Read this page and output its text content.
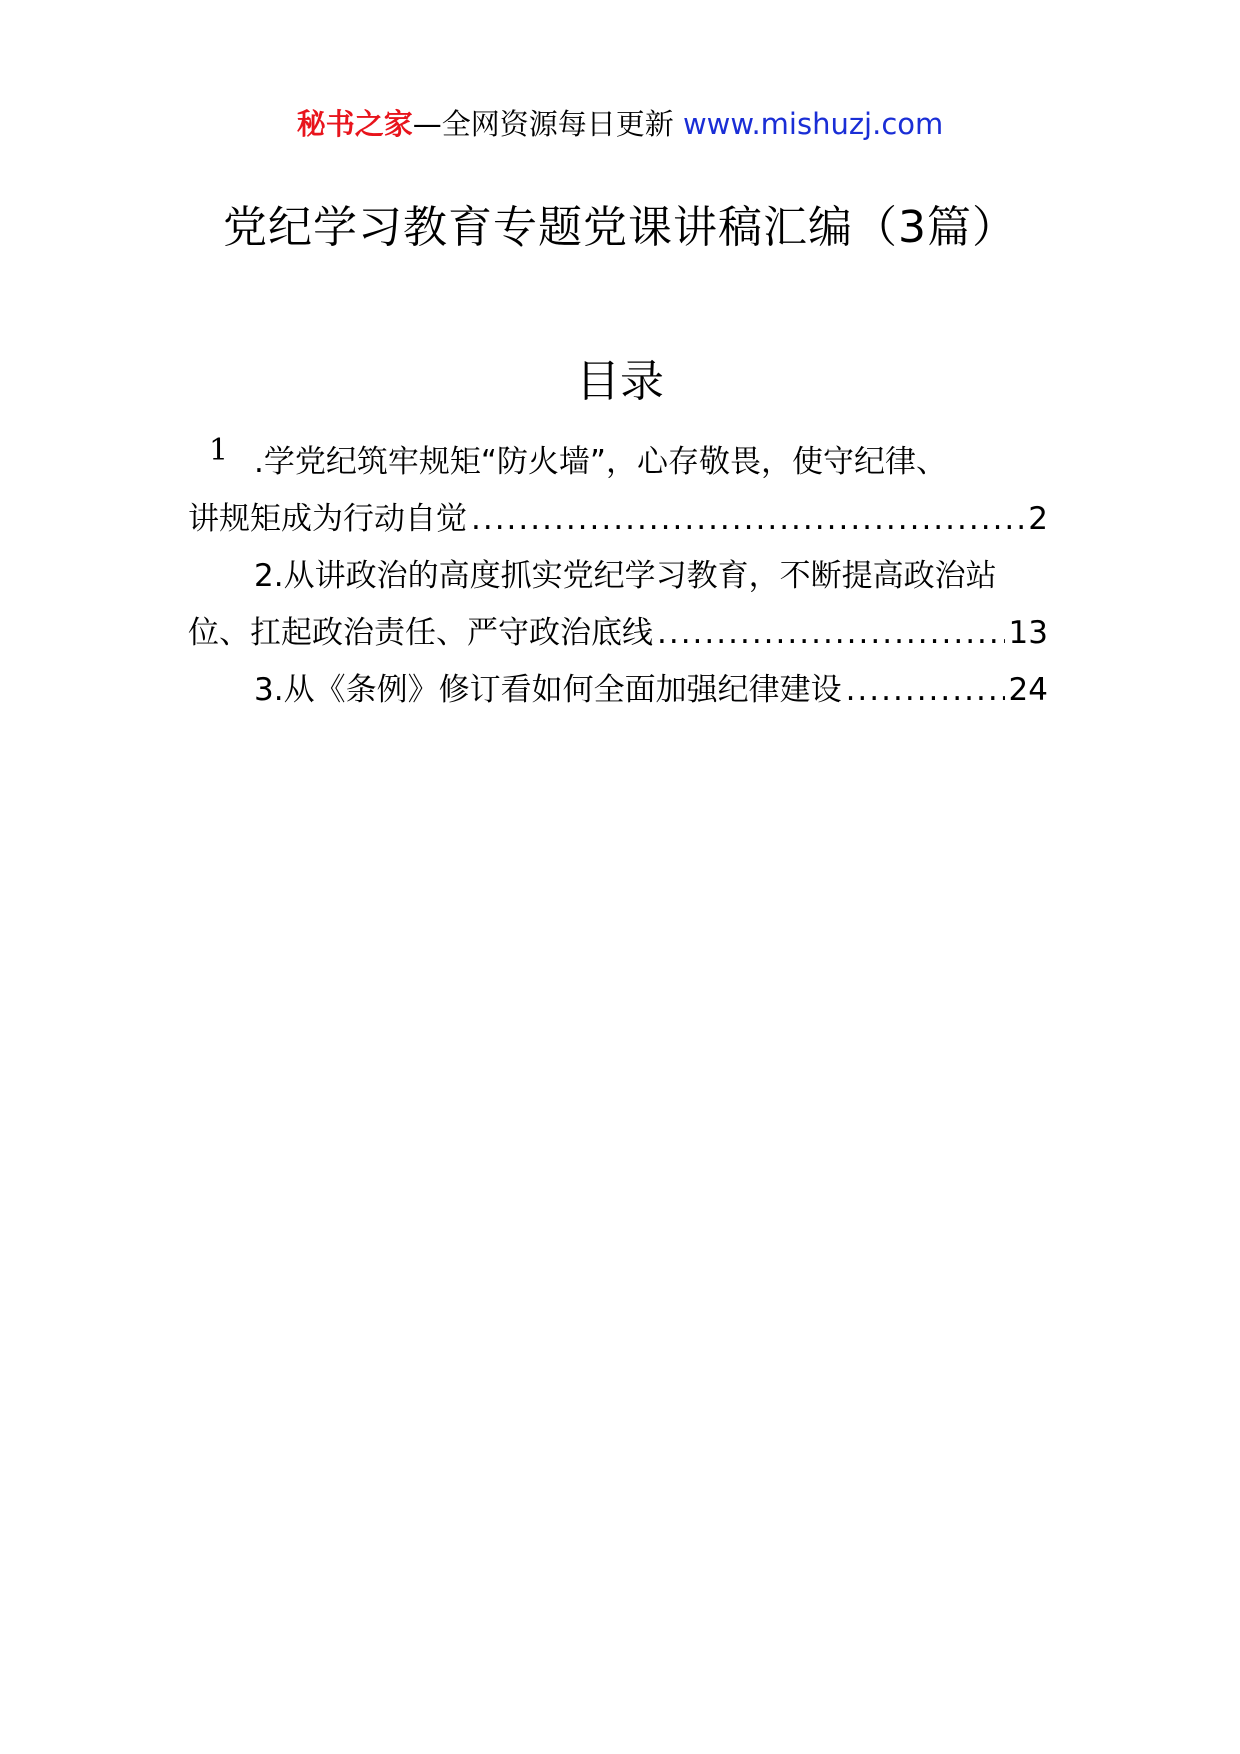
秘书之家—全网资源每日更新 www.mishuzj.com
党纪学习教育专题党课讲稿汇编（3篇）
目录
1 .学党纪筑牢规矩“防火墙”，心存敬畏，使守纪律、
讲规矩成为行动自觉 .....	2
2.从讲政治的高度抓实党纪学习教育，不断提高政治站
位、扛起政治责任、严守政治底线 .....	13
3.从《条例》修订看如何全面加强纪律建设 .....	24
